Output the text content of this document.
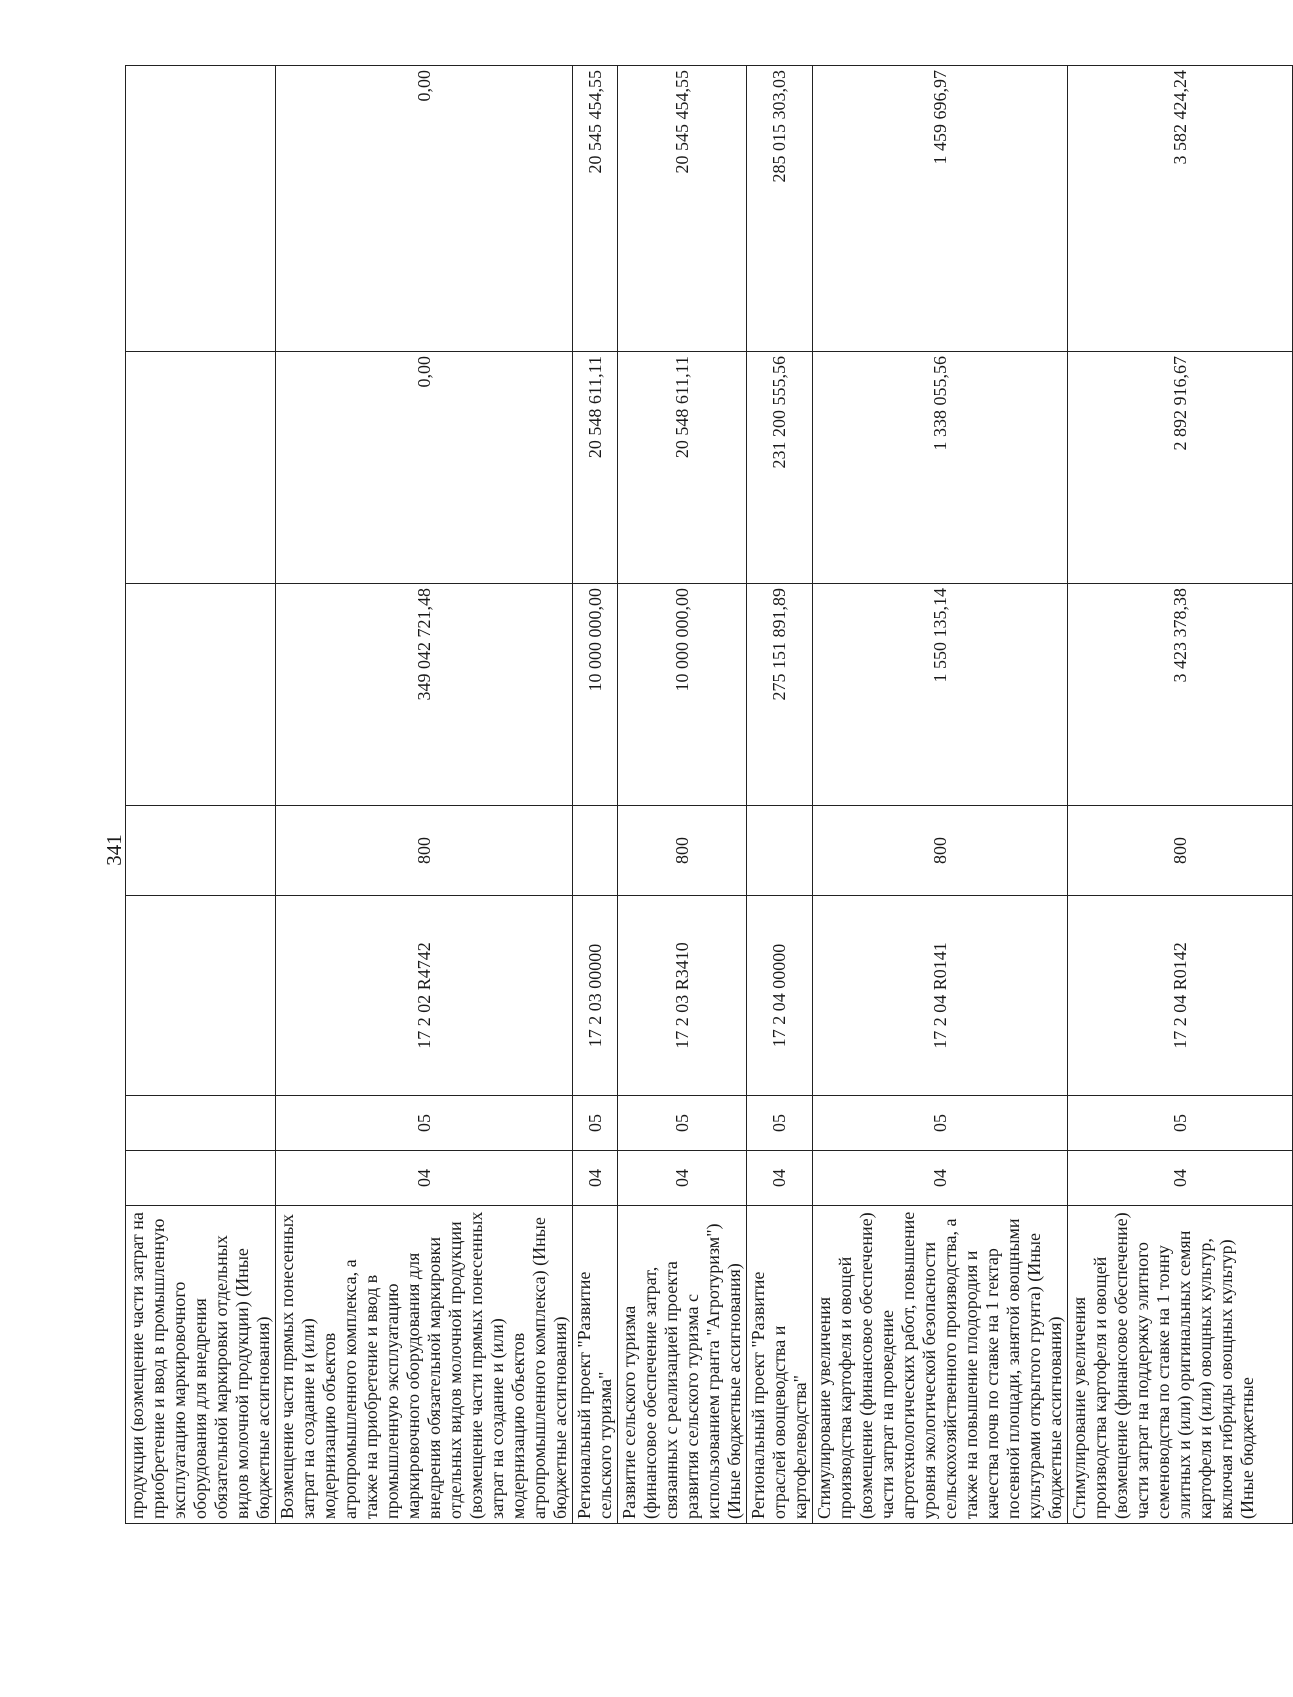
341
продукции (возмещение части затрат на приобретение и ввод в промышленную эксплуатацию маркировочного оборудования для внедрения обязательной маркировки отдельных видов молочной продукции) (Иные бюджетные ассигнования)							
Возмещение части прямых понесенных затрат на создание и (или) модернизацию объектов агропромышленного комплекса, а также на приобретение и ввод в промышленную эксплуатацию маркировочного оборудования для внедрения обязательной маркировки отдельных видов молочной продукции (возмещение части прямых понесенных затрат на создание и (или) модернизацию объектов агропромышленного комплекса) (Иные бюджетные ассигнования)	04	05	17 2 02 R4742	800	349 042 721,48	0,00	0,00
Региональный проект "Развитие сельского туризма"	04	05	17 2 03 00000		10 000 000,00	20 548 611,11	20 545 454,55
Развитие сельского туризма (финансовое обеспечение затрат, связанных с реализацией проекта развития сельского туризма с использованием гранта "Агротуризм") (Иные бюджетные ассигнования)	04	05	17 2 03 R3410	800	10 000 000,00	20 548 611,11	20 545 454,55
Региональный проект "Развитие отраслей овощеводства и картофелеводства"	04	05	17 2 04 00000		275 151 891,89	231 200 555,56	285 015 303,03
Стимулирование увеличения производства картофеля и овощей (возмещение (финансовое обеспечение) части затрат на проведение агротехнологических работ, повышение уровня экологической безопасности сельскохозяйственного производства, а также на повышение плодородия и качества почв по ставке на 1 гектар посевной площади, занятой овощными культурами открытого грунта) (Иные бюджетные ассигнования)	04	05	17 2 04 R0141	800	1 550 135,14	1 338 055,56	1 459 696,97
Стимулирование увеличения производства картофеля и овощей (возмещение (финансовое обеспечение) части затрат на поддержку элитного семеноводства по ставке на 1 тонну элитных и (или) оригинальных семян картофеля и (или) овощных культур, включая гибриды овощных культур) (Иные бюджетные	04	05	17 2 04 R0142	800	3 423 378,38	2 892 916,67	3 582 424,24
